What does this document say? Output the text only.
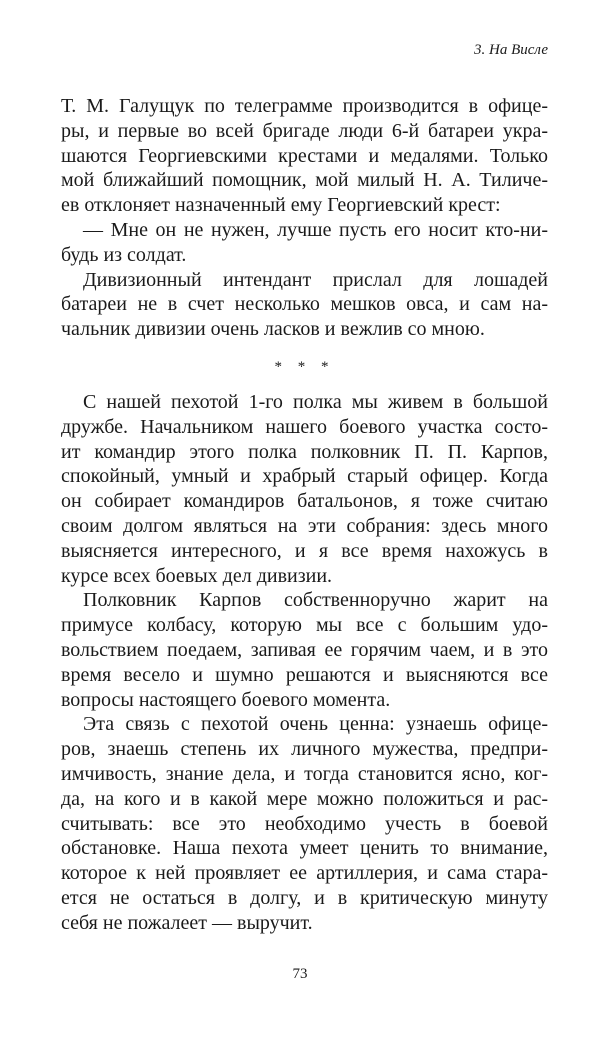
3. На Висле
Т. М. Галущук по телеграмме производится в офице-
ры, и первые во всей бригаде люди 6-й батареи укра-
шаются Георгиевскими крестами и медалями. Только
мой ближайший помощник, мой милый Н. А. Тиличе-
ев отклоняет назначенный ему Георгиевский крест:
— Мне он не нужен, лучше пусть его носит кто-ни-
будь из солдат.
Дивизионный интендант прислал для лошадей
батареи не в счет несколько мешков овса, и сам на-
чальник дивизии очень ласков и вежлив со мною.
* * *
С нашей пехотой 1-го полка мы живем в большой
дружбе. Начальником нашего боевого участка состо-
ит командир этого полка полковник П. П. Карпов,
спокойный, умный и храбрый старый офицер. Когда
он собирает командиров батальонов, я тоже считаю
своим долгом являться на эти собрания: здесь много
выясняется интересного, и я все время нахожусь в
курсе всех боевых дел дивизии.
Полковник Карпов собственноручно жарит на
примусе колбасу, которую мы все с большим удо-
вольствием поедаем, запивая ее горячим чаем, и в это
время весело и шумно решаются и выясняются все
вопросы настоящего боевого момента.
Эта связь с пехотой очень ценна: узнаешь офице-
ров, знаешь степень их личного мужества, предпри-
имчивость, знание дела, и тогда становится ясно, ког-
да, на кого и в какой мере можно положиться и рас-
считывать: все это необходимо учесть в боевой
обстановке. Наша пехота умеет ценить то внимание,
которое к ней проявляет ее артиллерия, и сама стара-
ется не остаться в долгу, и в критическую минуту
себя не пожалеет — выручит.
73
